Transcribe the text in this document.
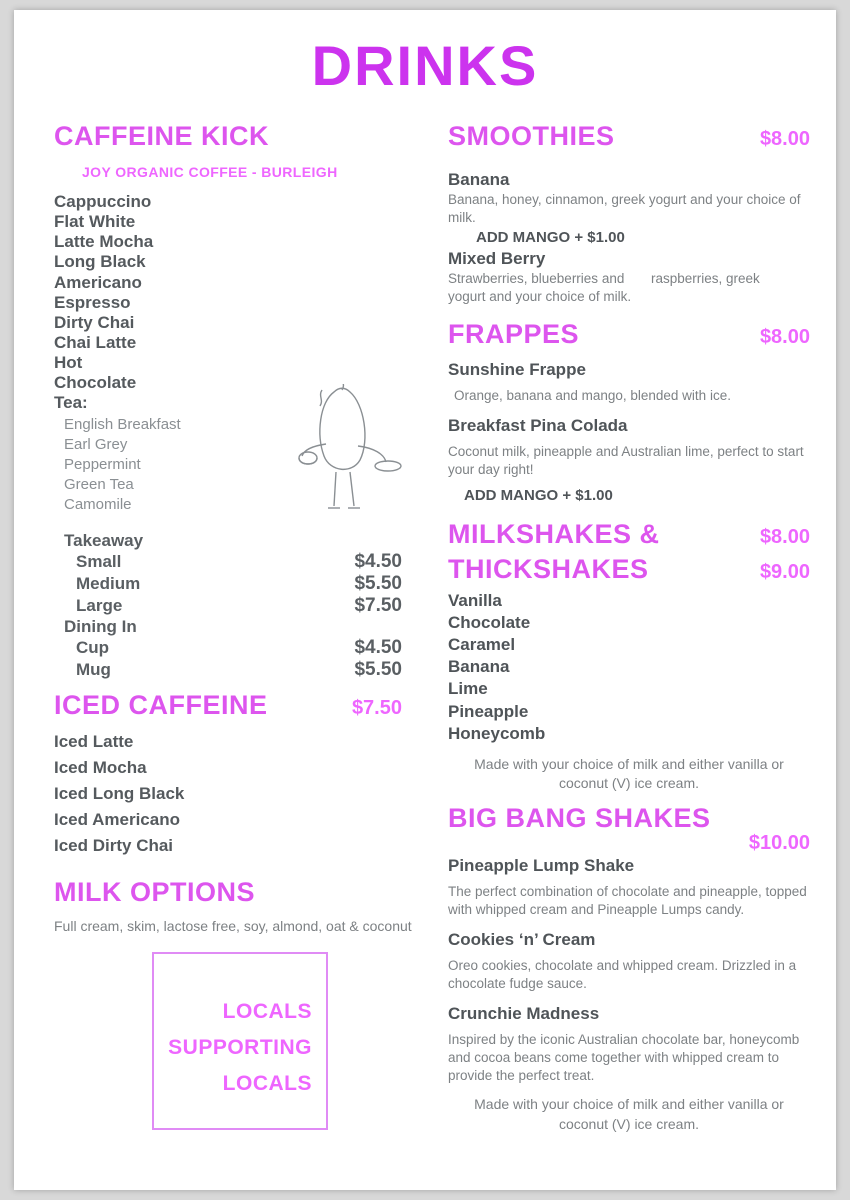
DRINKS
CAFFEINE KICK
JOY ORGANIC COFFEE - BURLEIGH
Cappuccino
Flat White
Latte Mocha
Long Black
Americano
Espresso
Dirty Chai
Chai Latte
Hot
Chocolate
Tea:
English Breakfast
Earl Grey
Peppermint
Green Tea
Camomile
Takeaway
Small	$4.50
Medium	$5.50
Large	$7.50
Dining In
Cup	$4.50
Mug	$5.50
ICED CAFFEINE	$7.50
Iced Latte
Iced Mocha
Iced Long Black
Iced Americano
Iced Dirty Chai
MILK OPTIONS
Full cream, skim, lactose free, soy, almond, oat & coconut
LOCALS
SUPPORTING
LOCALS
SMOOTHIES	$8.00
Banana
Banana, honey, cinnamon, greek yogurt and your choice of milk.
ADD MANGO + $1.00
Mixed Berry
Strawberries, blueberries and yogurt and your choice of milk.
raspberries, greek
FRAPPES	$8.00
Sunshine Frappe
Orange, banana and mango, blended with ice.
Breakfast Pina Colada
Coconut milk, pineapple and Australian lime, perfect to start your day right!
ADD MANGO + $1.00
MILKSHAKES &	$8.00
THICKSHAKES	$9.00
Vanilla
Chocolate
Caramel
Banana
Lime
Pineapple
Honeycomb
Made with your choice of milk and either vanilla or coconut (V) ice cream.
BIG BANG SHAKES
$10.00
Pineapple Lump Shake
The perfect combination of chocolate and pineapple, topped with whipped cream and Pineapple Lumps candy.
Cookies ‘n’ Cream
Oreo cookies, chocolate and whipped cream. Drizzled in a chocolate fudge sauce.
Crunchie Madness
Inspired by the iconic Australian chocolate bar, honeycomb and cocoa beans come together with whipped cream to provide the perfect treat.
Made with your choice of milk and either vanilla or coconut (V) ice cream.
